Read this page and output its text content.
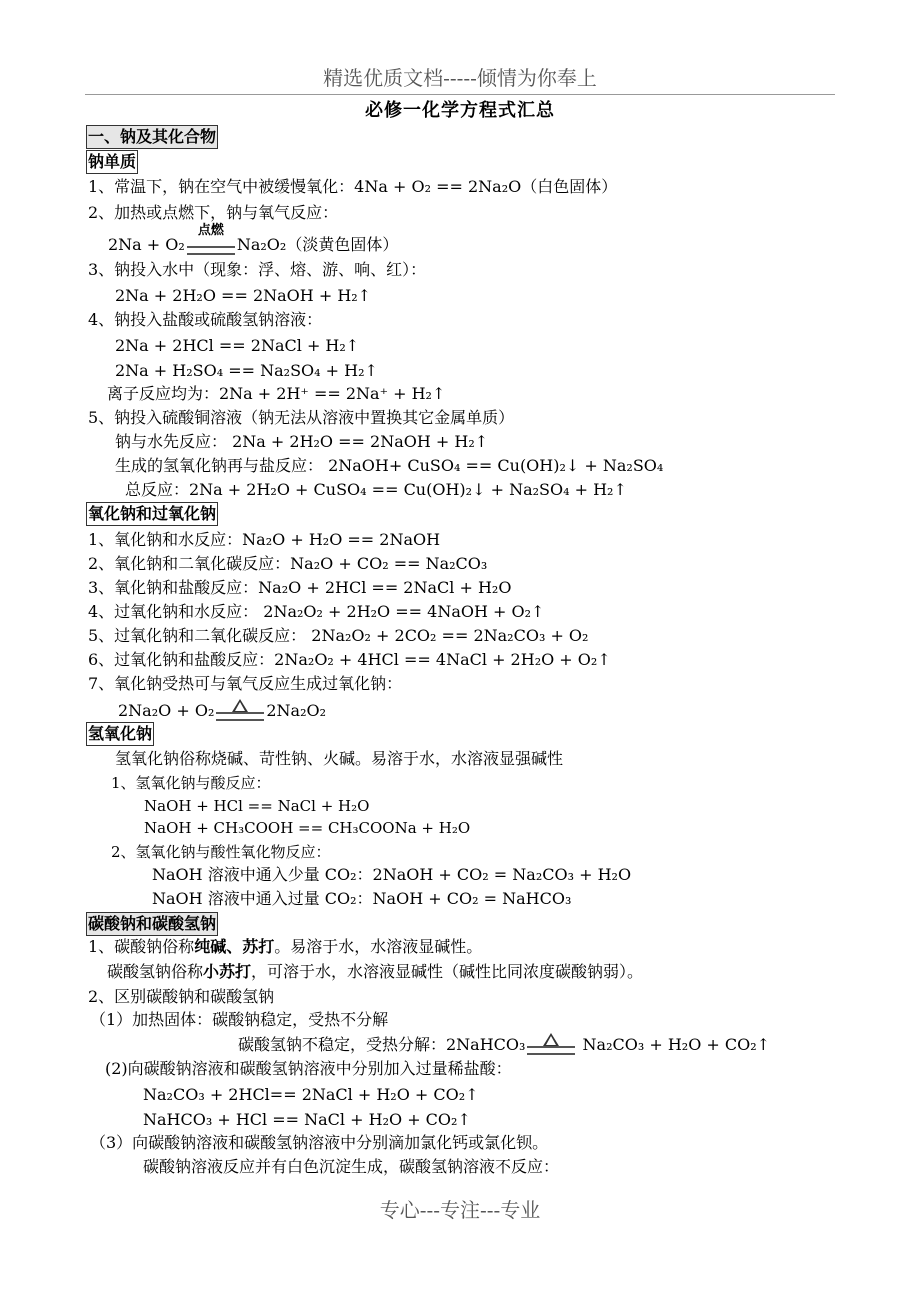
精选优质文档-----倾情为你奉上
必修一化学方程式汇总
一、钠及其化合物
钠单质
1、常温下，钠在空气中被缓慢氧化：4Na + O₂ == 2Na₂O（白色固体）
2、加热或点燃下，钠与氧气反应：
2Na + O₂
点燃
Na₂O₂（淡黄色固体）
3、钠投入水中（现象：浮、熔、游、响、红）：
2Na + 2H₂O == 2NaOH + H₂↑
4、钠投入盐酸或硫酸氢钠溶液：
2Na + 2HCl == 2NaCl + H₂↑
2Na + H₂SO₄ == Na₂SO₄ + H₂↑
离子反应均为：2Na + 2H⁺ == 2Na⁺ + H₂↑
5、钠投入硫酸铜溶液（钠无法从溶液中置换其它金属单质）
钠与水先反应： 2Na + 2H₂O == 2NaOH + H₂↑
生成的氢氧化钠再与盐反应： 2NaOH+ CuSO₄ == Cu(OH)₂↓ + Na₂SO₄
总反应：2Na + 2H₂O + CuSO₄ == Cu(OH)₂↓ + Na₂SO₄ + H₂↑
氧化钠和过氧化钠
1、氧化钠和水反应：Na₂O + H₂O == 2NaOH
2、氧化钠和二氧化碳反应：Na₂O + CO₂ == Na₂CO₃
3、氧化钠和盐酸反应：Na₂O + 2HCl == 2NaCl + H₂O
4、过氧化钠和水反应： 2Na₂O₂ + 2H₂O == 4NaOH + O₂↑
5、过氧化钠和二氧化碳反应： 2Na₂O₂ + 2CO₂ == 2Na₂CO₃ + O₂
6、过氧化钠和盐酸反应：2Na₂O₂ + 4HCl == 4NaCl + 2H₂O + O₂↑
7、氧化钠受热可与氧气反应生成过氧化钠：
2Na₂O + O₂	2Na₂O₂
氢氧化钠
氢氧化钠俗称烧碱、苛性钠、火碱。易溶于水，水溶液显强碱性
1、氢氧化钠与酸反应：
NaOH + HCl == NaCl + H₂O
NaOH + CH₃COOH == CH₃COONa + H₂O
2、氢氧化钠与酸性氧化物反应：
NaOH 溶液中通入少量 CO₂：2NaOH + CO₂ = Na₂CO₃ + H₂O
NaOH 溶液中通入过量 CO₂：NaOH + CO₂ = NaHCO₃
碳酸钠和碳酸氢钠
1、碳酸钠俗称纯碱、苏打。易溶于水，水溶液显碱性。
碳酸氢钠俗称小苏打，可溶于水，水溶液显碱性（碱性比同浓度碳酸钠弱）。
2、区别碳酸钠和碳酸氢钠
（1）加热固体：碳酸钠稳定，受热不分解
碳酸氢钠不稳定，受热分解：2NaHCO₃	Na₂CO₃ + H₂O + CO₂↑
(2)向碳酸钠溶液和碳酸氢钠溶液中分别加入过量稀盐酸：
Na₂CO₃ + 2HCl== 2NaCl + H₂O + CO₂↑
NaHCO₃ + HCl == NaCl + H₂O + CO₂↑
（3）向碳酸钠溶液和碳酸氢钠溶液中分别滴加氯化钙或氯化钡。
碳酸钠溶液反应并有白色沉淀生成，碳酸氢钠溶液不反应：
专心---专注---专业
